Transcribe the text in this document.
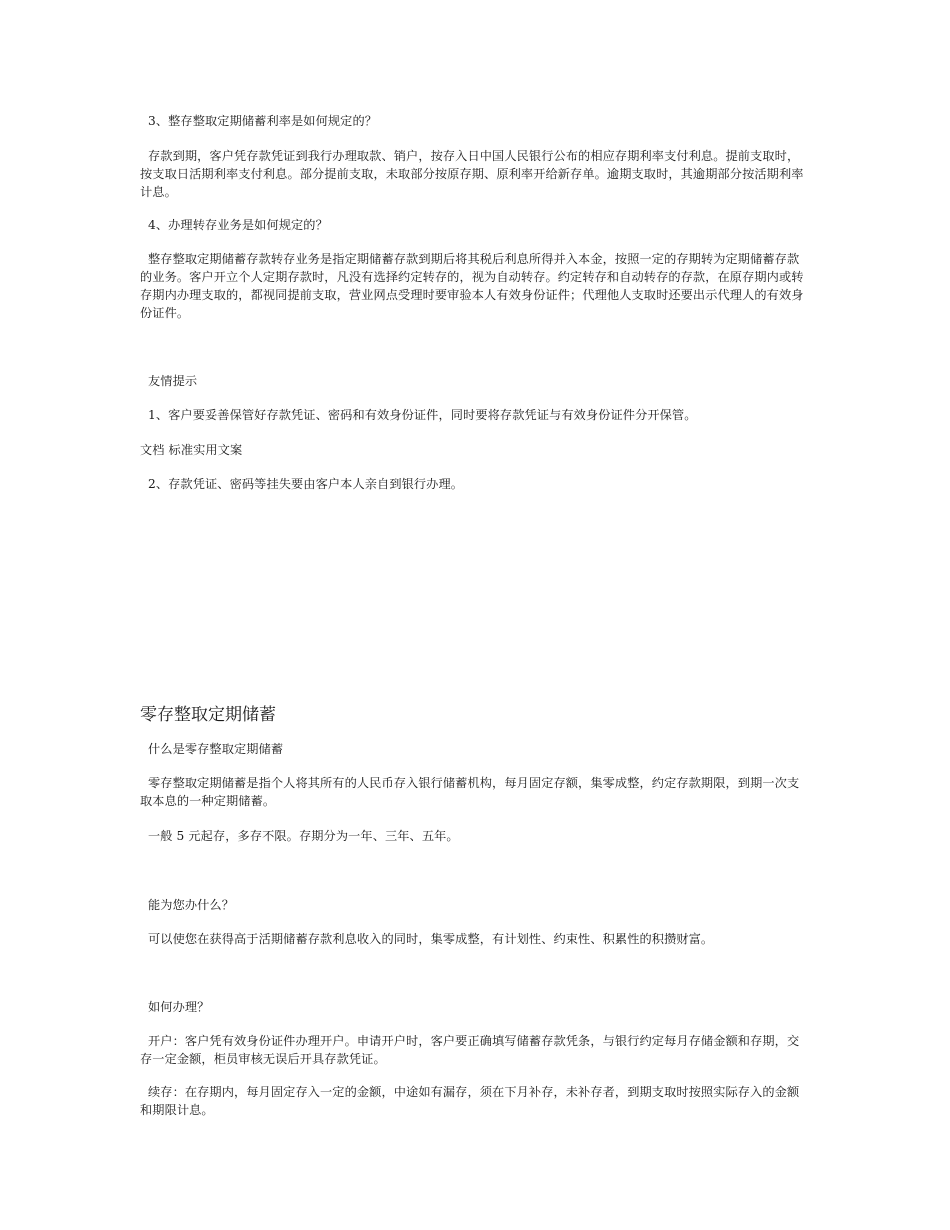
3、整存整取定期储蓄利率是如何规定的？

存款到期，客户凭存款凭证到我行办理取款、销户，按存入日中国人民银行公布的相应存期利率支付利息。提前支取时，按支取日活期利率支付利息。部分提前支取，未取部分按原存期、原利率开给新存单。逾期支取时，其逾期部分按活期利率计息。

4、办理转存业务是如何规定的？

整存整取定期储蓄存款转存业务是指定期储蓄存款到期后将其税后利息所得并入本金，按照一定的存期转为定期储蓄存款的业务。客户开立个人定期存款时，凡没有选择约定转存的，视为自动转存。约定转存和自动转存的存款，在原存期内或转存期内办理支取的，都视同提前支取，营业网点受理时要审验本人有效身份证件；代理他人支取时还要出示代理人的有效身份证件。

友情提示

1、客户要妥善保管好存款凭证、密码和有效身份证件，同时要将存款凭证与有效身份证件分开保管。

文档 标准实用文案

2、存款凭证、密码等挂失要由客户本人亲自到银行办理。

零存整取定期储蓄

什么是零存整取定期储蓄

零存整取定期储蓄是指个人将其所有的人民币存入银行储蓄机构，每月固定存额，集零成整，约定存款期限，到期一次支取本息的一种定期储蓄。

一般 5 元起存，多存不限。存期分为一年、三年、五年。

能为您办什么？

可以使您在获得高于活期储蓄存款利息收入的同时，集零成整，有计划性、约束性、积累性的积攒财富。

如何办理？

开户：客户凭有效身份证件办理开户。申请开户时，客户要正确填写储蓄存款凭条，与银行约定每月存储金额和存期，交存一定金额，柜员审核无误后开具存款凭证。

续存：在存期内，每月固定存入一定的金额，中途如有漏存，须在下月补存，未补存者，到期支取时按照实际存入的金额和期限计息。
